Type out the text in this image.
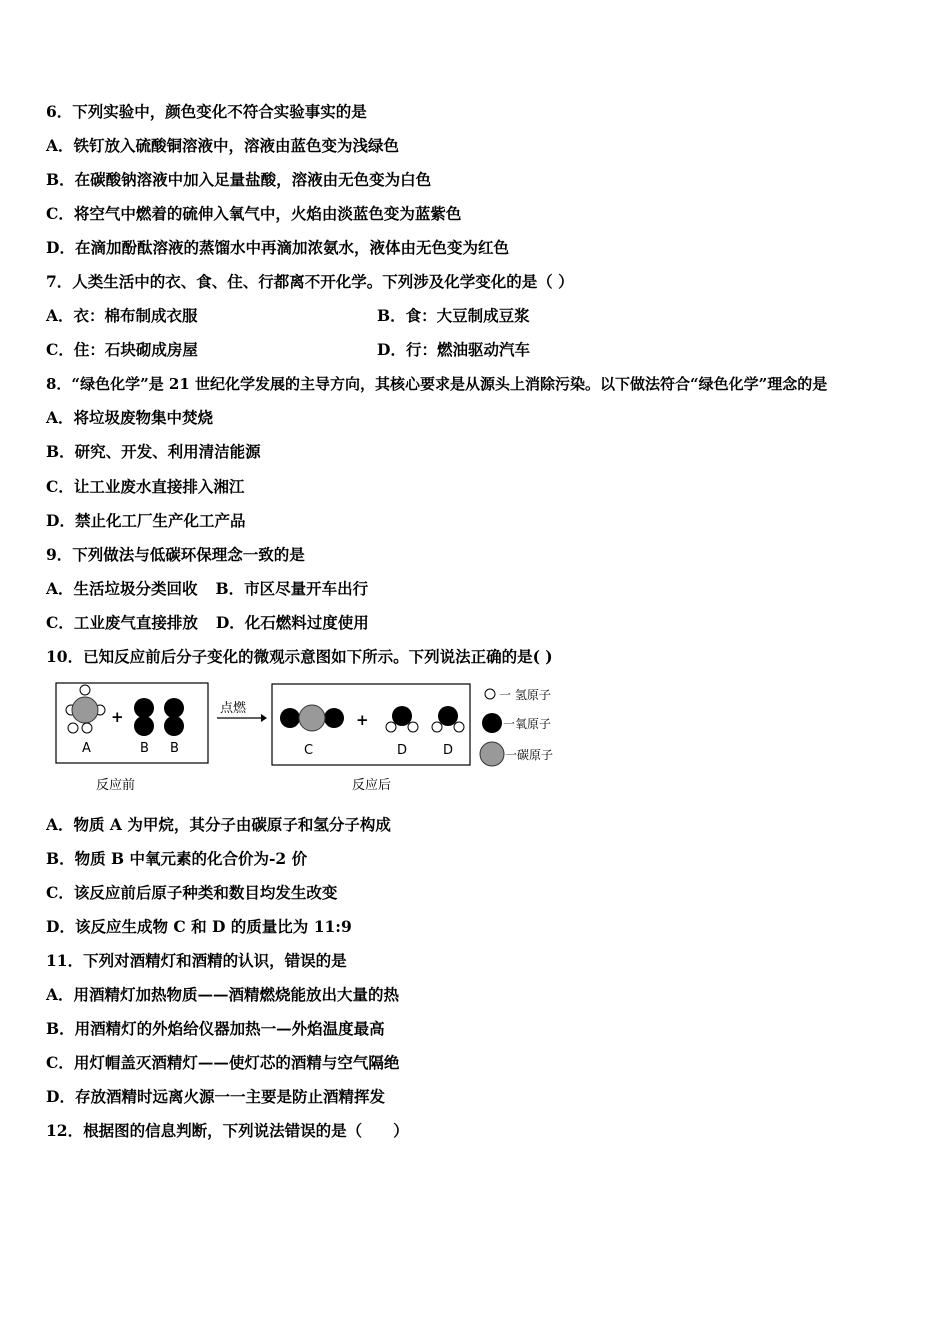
6．下列实验中，颜色变化不符合实验事实的是
A．铁钉放入硫酸铜溶液中，溶液由蓝色变为浅绿色
B．在碳酸钠溶液中加入足量盐酸，溶液由无色变为白色
C．将空气中燃着的硫伸入氧气中，火焰由淡蓝色变为蓝紫色
D．在滴加酚酞溶液的蒸馏水中再滴加浓氨水，液体由无色变为红色
7．人类生活中的衣、食、住、行都离不开化学。下列涉及化学变化的是（ ）
A．衣：棉布制成衣服	B．食：大豆制成豆浆
C．住：石块砌成房屋	D．行：燃油驱动汽车
8．“绿色化学”是 21 世纪化学发展的主导方向，其核心要求是从源头上消除污染。以下做法符合“绿色化学”理念的是
A．将垃圾废物集中焚烧
B．研究、开发、利用清洁能源
C．让工业废水直接排入湘江
D．禁止化工厂生产化工产品
9．下列做法与低碳环保理念一致的是
A．生活垃圾分类回收 B．市区尽量开车出行
C．工业废气直接排放 D．化石燃料过度使用
10．已知反应前后分子变化的微观示意图如下所示。下列说法正确的是( )
A
+
B B
点燃
C
+
D	D
一 氢原子
一氧原子
一碳原子
反应前	反应后
A．物质 A 为甲烷，其分子由碳原子和氢分子构成
B．物质 B 中氧元素的化合价为-2 价
C．该反应前后原子种类和数目均发生改变
D．该反应生成物 C 和 D 的质量比为 11:9
11．下列对酒精灯和酒精的认识，错误的是
A．用酒精灯加热物质——酒精燃烧能放出大量的热
B．用酒精灯的外焰给仪器加热一—外焰温度最高
C．用灯帽盖灭酒精灯——使灯芯的酒精与空气隔绝
D．存放酒精时远离火源一一主要是防止酒精挥发
12．根据图的信息判断，下列说法错误的是（　　）
